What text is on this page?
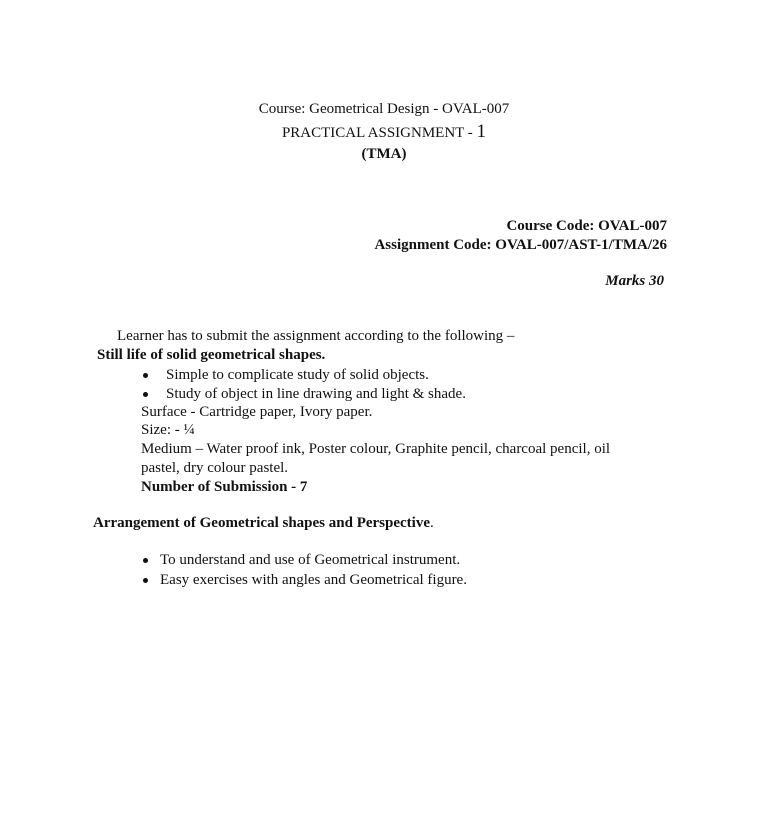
Course: Geometrical Design - OVAL-007
PRACTICAL ASSIGNMENT - 1
(TMA)
Course Code: OVAL-007
Assignment Code: OVAL-007/AST-1/TMA/26
Marks 30
Learner has to submit the assignment according to the following –
Still life of solid geometrical shapes.
Simple to complicate study of solid objects.
Study of object in line drawing and light & shade.
Surface - Cartridge paper, Ivory paper.
Size: - ¼
Medium – Water proof ink, Poster colour, Graphite pencil, charcoal pencil, oil
pastel, dry colour pastel.
Number of Submission - 7
Arrangement of Geometrical shapes and Perspective.
To understand and use of Geometrical instrument.
Easy exercises with angles and Geometrical figure.
